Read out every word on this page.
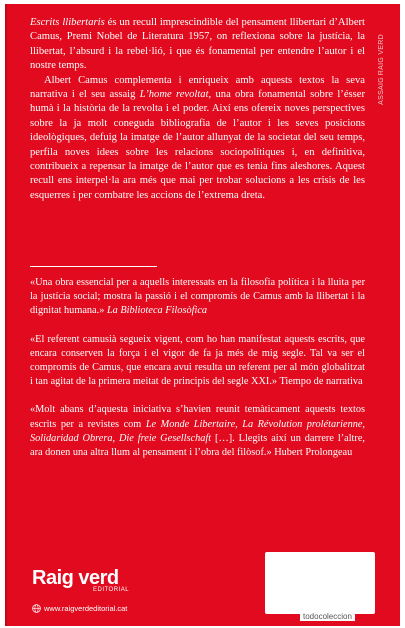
Escrits llibertaris és un recull imprescindible del pensament llibertari d’Albert Camus, Premi Nobel de Literatura 1957, on reflexiona sobre la justícia, la llibertat, l’absurd i la rebel·lió, i que és fonamental per entendre l’autor i el nostre temps.

Albert Camus complementa i enriqueix amb aquests textos la seva narrativa i el seu assaig L’home revoltat, una obra fonamental sobre l’ésser humà i la història de la revolta i el poder. Així ens ofereix noves perspectives sobre la ja molt coneguda bibliografia de l’autor i les seves posicions ideològiques, defuig la imatge de l’autor allunyat de la societat del seu temps, perfila noves idees sobre les relacions sociopolítiques i, en definitiva, contribueix a repensar la imatge de l’autor que es tenia fins aleshores. Aquest recull ens interpel·la ara més que mai per trobar solucions a les crisis de les esquerres i per combatre les accions de l’extrema dreta.

RAIG VERD
ASSAIG

«Una obra essencial per a aquells interessats en la filosofia política i la lluita per la justícia social; mostra la passió i el compromís de Camus amb la llibertat i la dignitat humana.» La Biblioteca Filosòfica

«El referent camusià segueix vigent, com ho han manifestat aquests escrits, que encara conserven la força i el vigor de fa ja més de mig segle. Tal va ser el compromís de Camus, que encara avui resulta un referent per al món globalitzat i tan agitat de la primera meitat de principis del segle XXI.» Tiempo de narrativa

«Molt abans d’aquesta iniciativa s’havien reunit temàticament aquests textos escrits per a revistes com Le Monde Libertaire, La Révolution prolétarienne, Solidaridad Obrera, Die freie Gesellschaft […]. Llegits així un darrere l’altre, ara donen una altra llum al pensament i l’obra del filòsof.» Hubert Prolongeau

Raig verd
EDITORIAL
www.raigverdeditorial.cat
todocoleccion
